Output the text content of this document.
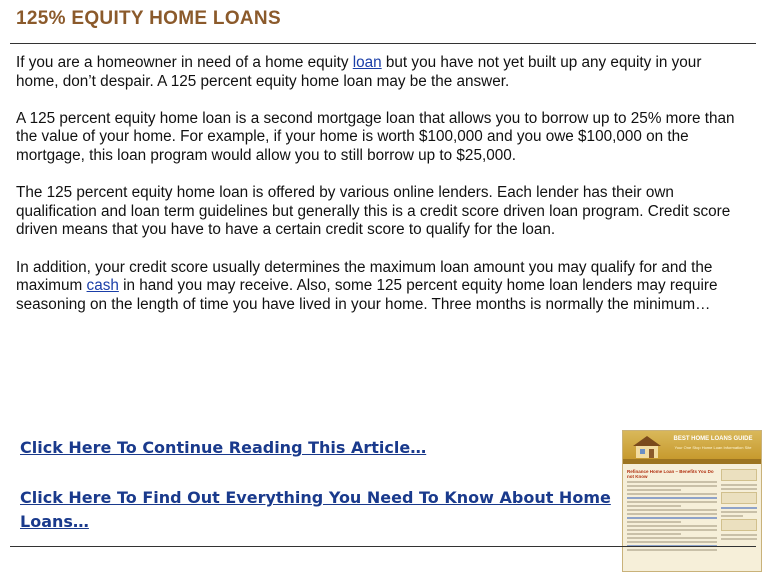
125% EQUITY HOME LOANS

If you are a homeowner in need of a home equity loan but you have not yet built up any equity in your home, don’t despair. A 125 percent equity home loan may be the answer.

A 125 percent equity home loan is a second mortgage loan that allows you to borrow up to 25% more than the value of your home. For example, if your home is worth $100,000 and you owe $100,000 on the mortgage, this loan program would allow you to still borrow up to $25,000.

The 125 percent equity home loan is offered by various online lenders. Each lender has their own qualification and loan term guidelines but generally this is a credit score driven loan program. Credit score driven means that you have to have a certain credit score to qualify for the loan.

In addition, your credit score usually determines the maximum loan amount you may qualify for and the maximum cash in hand you may receive. Also, some 125 percent equity home loan lenders may require seasoning on the length of time you have lived in your home. Three months is normally the minimum…

Click Here To Continue Reading This Article…
Click Here To Find Out Everything You Need To Know About Home Loans…
BEST HOME LOANS GUIDE
Your One Stop Home Loan Information Site
Refinance Home Loan – Benefits You Do not Know
